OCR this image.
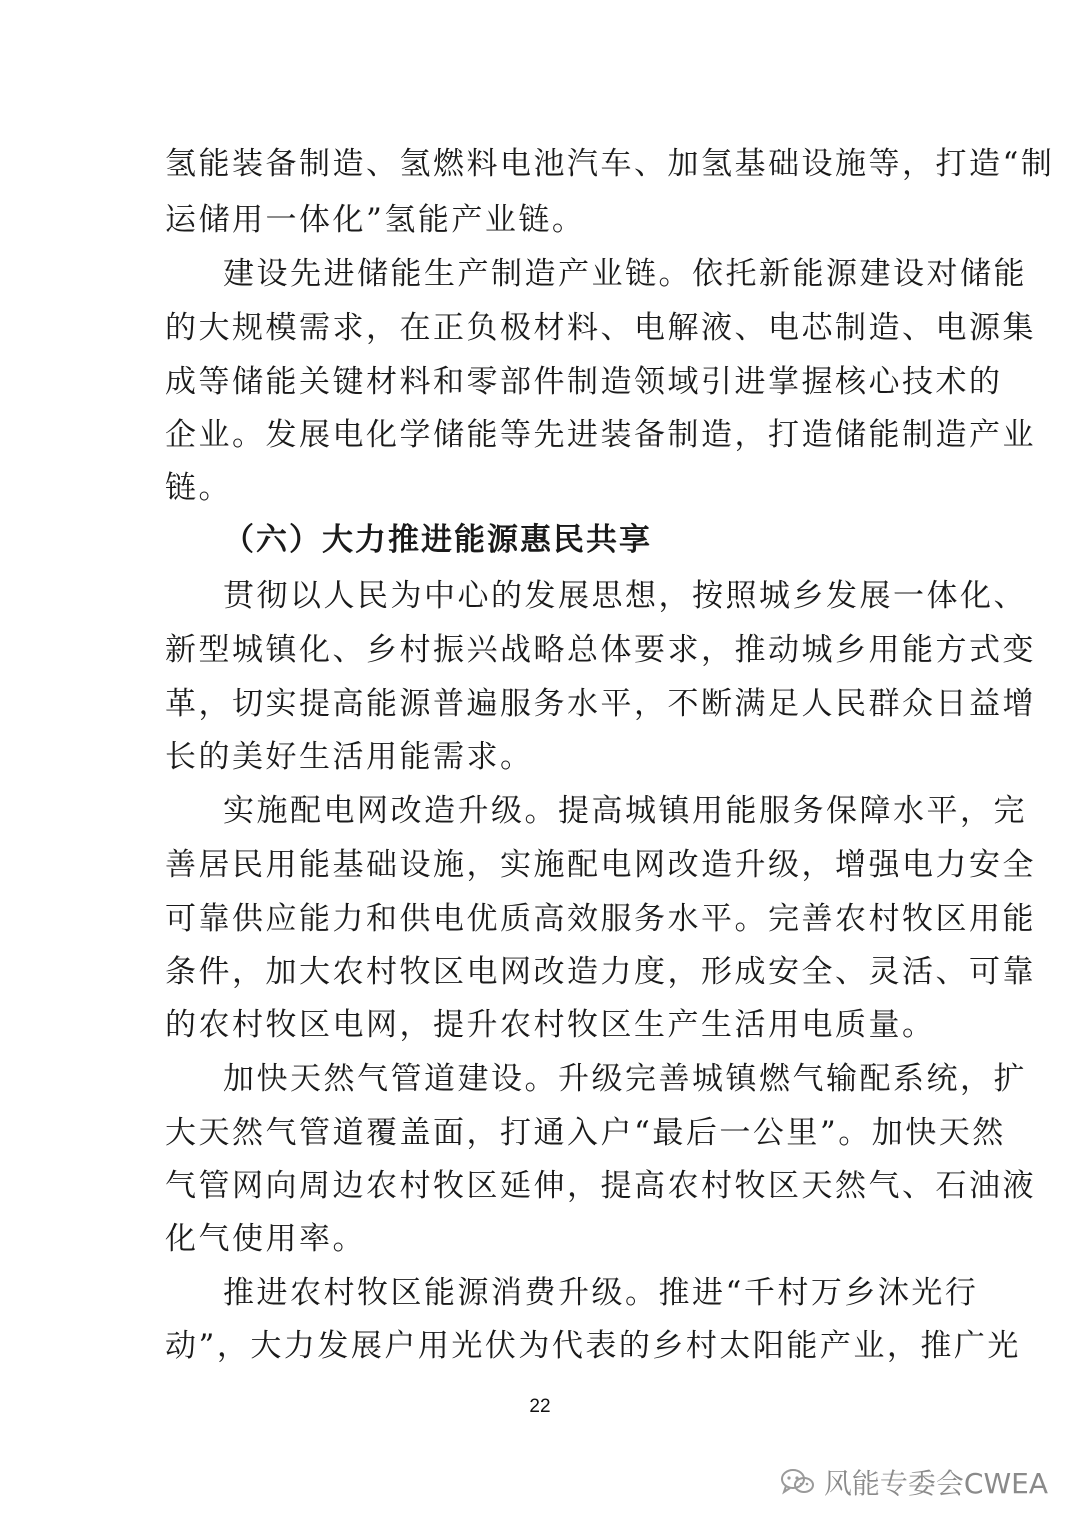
氢能装备制造、氢燃料电池汽车、加氢基础设施等，打造“制
运储用一体化”氢能产业链。
建设先进储能生产制造产业链。依托新能源建设对储能
的大规模需求，在正负极材料、电解液、电芯制造、电源集
成等储能关键材料和零部件制造领域引进掌握核心技术的
企业。发展电化学储能等先进装备制造，打造储能制造产业
链。
（六）大力推进能源惠民共享
贯彻以人民为中心的发展思想，按照城乡发展一体化、
新型城镇化、乡村振兴战略总体要求，推动城乡用能方式变
革，切实提高能源普遍服务水平，不断满足人民群众日益增
长的美好生活用能需求。
实施配电网改造升级。提高城镇用能服务保障水平，完
善居民用能基础设施，实施配电网改造升级，增强电力安全
可靠供应能力和供电优质高效服务水平。完善农村牧区用能
条件，加大农村牧区电网改造力度，形成安全、灵活、可靠
的农村牧区电网，提升农村牧区生产生活用电质量。
加快天然气管道建设。升级完善城镇燃气输配系统，扩
大天然气管道覆盖面，打通入户“最后一公里”。加快天然
气管网向周边农村牧区延伸，提高农村牧区天然气、石油液
化气使用率。
推进农村牧区能源消费升级。推进“千村万乡沐光行
动”，大力发展户用光伏为代表的乡村太阳能产业，推广光
22
风能专委会CWEA
